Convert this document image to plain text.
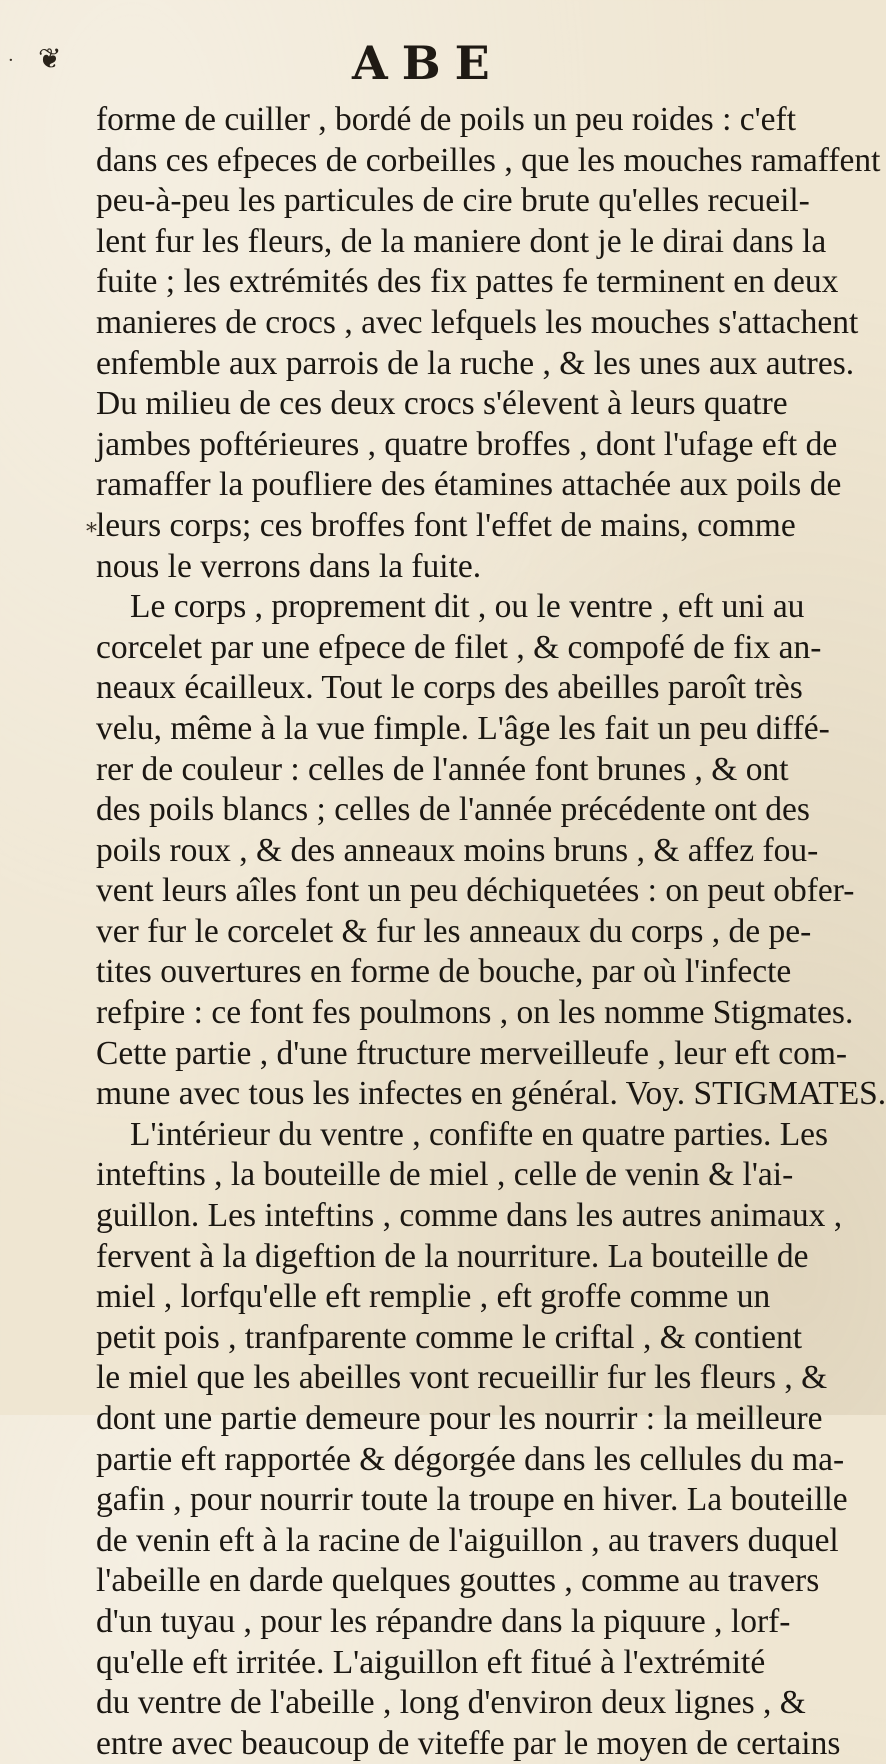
❦	ABE
·
*
forme de cuiller , bordé de poils un peu roides : c'eft
dans ces efpeces de corbeilles , que les mouches ramaffent
peu-à-peu les particules de cire brute qu'elles recueil-
lent fur les fleurs, de la maniere dont je le dirai dans la
fuite ; les extrémités des fix pattes fe terminent en deux
manieres de crocs , avec lefquels les mouches s'attachent
enfemble aux parrois de la ruche , & les unes aux autres.
Du milieu de ces deux crocs s'élevent à leurs quatre
jambes poftérieures , quatre broffes , dont l'ufage eft de
ramaffer la poufliere des étamines attachée aux poils de
leurs corps; ces broffes font l'effet de mains, comme
nous le verrons dans la fuite.
Le corps , proprement dit , ou le ventre , eft uni au
corcelet par une efpece de filet , & compofé de fix an-
neaux écailleux. Tout le corps des abeilles paroît très
velu, même à la vue fimple. L'âge les fait un peu diffé-
rer de couleur : celles de l'année font brunes , & ont
des poils blancs ; celles de l'année précédente ont des
poils roux , & des anneaux moins bruns , & affez fou-
vent leurs aîles font un peu déchiquetées : on peut obfer-
ver fur le corcelet & fur les anneaux du corps , de pe-
tites ouvertures en forme de bouche, par où l'infecte
refpire : ce font fes poulmons , on les nomme Stigmates.
Cette partie , d'une ftructure merveilleufe , leur eft com-
mune avec tous les infectes en général. Voy. STIGMATES.
L'intérieur du ventre , confifte en quatre parties. Les
inteftins , la bouteille de miel , celle de venin & l'ai-
guillon. Les inteftins , comme dans les autres animaux ,
fervent à la digeftion de la nourriture. La bouteille de
miel , lorfqu'elle eft remplie , eft groffe comme un
petit pois , tranfparente comme le criftal , & contient
le miel que les abeilles vont recueillir fur les fleurs , &
dont une partie demeure pour les nourrir : la meilleure
partie eft rapportée & dégorgée dans les cellules du ma-
gafin , pour nourrir toute la troupe en hiver. La bouteille
de venin eft à la racine de l'aiguillon , au travers duquel
l'abeille en darde quelques gouttes , comme au travers
d'un tuyau , pour les répandre dans la piquure , lorf-
qu'elle eft irritée. L'aiguillon eft fitué à l'extrémité
du ventre de l'abeille , long d'environ deux lignes , &
entre avec beaucoup de viteffe par le moyen de certains
